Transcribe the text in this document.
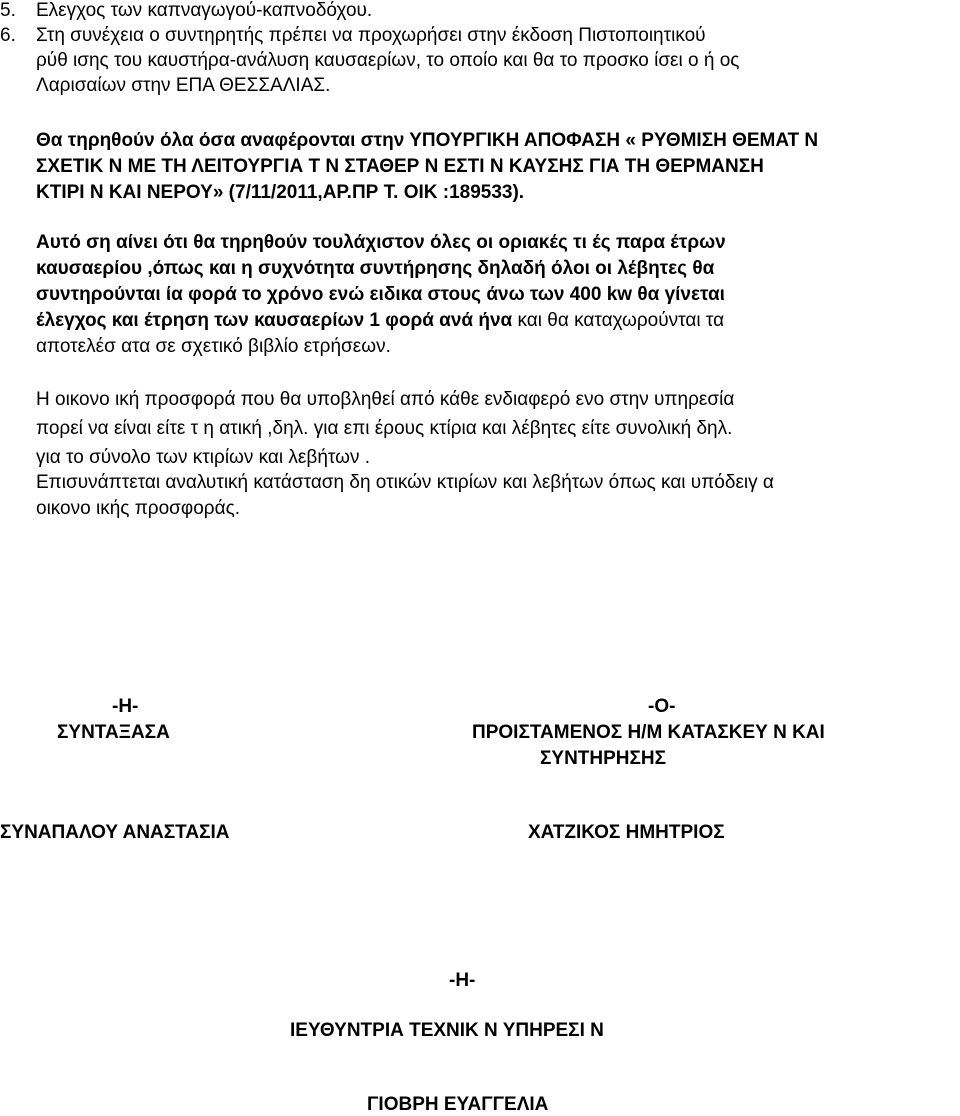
5. Ελεγχος των καπναγωγού-καπνοδόχου.
6. Στη συνέχεια ο συντηρητής πρέπει να προχωρήσει στην έκδοση Πιστοποιητικού
ρύθ ισης του καυστήρα-ανάλυση καυσαερίων, το οποίο και θα το προσκο ίσει ο ή ος
Λαρισαίων στην ΕΠΑ ΘΕΣΣΑΛΙΑΣ.
Θα τηρηθούν όλα όσα αναφέρονται στην ΥΠΟΥΡΓΙΚΗ ΑΠΟΦΑΣΗ « ΡΥΘΜΙΣΗ ΘΕΜΑΤ Ν
ΣΧΕΤΙΚ Ν ΜΕ ΤΗ ΛΕΙΤΟΥΡΓΙΑ Τ Ν ΣΤΑΘΕΡ Ν ΕΣΤΙ Ν ΚΑΥΣΗΣ ΓΙΑ ΤΗ ΘΕΡΜΑΝΣΗ
ΚΤΙΡΙ Ν ΚΑΙ ΝΕΡΟΥ» (7/11/2011,ΑΡ.ΠΡ Τ. ΟΙΚ :189533).
Αυτό ση αίνει ότι θα τηρηθούν τουλάχιστον όλες οι οριακές τι ές παρα έτρων
καυσαερίου ,όπως και η συχνότητα συντήρησης δηλαδή όλοι οι λέβητες θα
συντηρούνται ία φορά το χρόνο ενώ ειδικα στους άνω των 400 kw θα γίνεται
έλεγχος και έτρηση των καυσαερίων 1 φορά ανά ήνα και θα καταχωρούνται τα
αποτελέσ ατα σε σχετικό βιβλίο ετρήσεων.
Η οικονο ική προσφορά που θα υποβληθεί από κάθε ενδιαφερό ενο στην υπηρεσία
πορεί να είναι είτε τ η ατική ,δηλ. για επι έρους κτίρια και λέβητες είτε συνολική δηλ.
για το σύνολο των κτιρίων και λεβήτων .
Επισυνάπτεται αναλυτική κατάσταση δη οτικών κτιρίων και λεβήτων όπως και υπόδειγ α
οικονο ικής προσφοράς.
-Η-
ΣΥΝΤΑΞΑΣΑ
ΣΥΝΑΠΑΛΟΥ ΑΝΑΣΤΑΣΙΑ
-Ο-
ΠΡΟΙΣΤΑΜΕΝΟΣ Η/Μ ΚΑΤΑΣΚΕΥ Ν ΚΑΙ
ΣΥΝΤΗΡΗΣΗΣ
ΧΑΤΖΙΚΟΣ ΗΜΗΤΡΙΟΣ
-Η-
ΙΕΥΘΥΝΤΡΙΑ ΤΕΧΝΙΚ Ν ΥΠΗΡΕΣΙ Ν
ΓΙΟΒΡΗ ΕΥΑΓΓΕΛΙΑ
